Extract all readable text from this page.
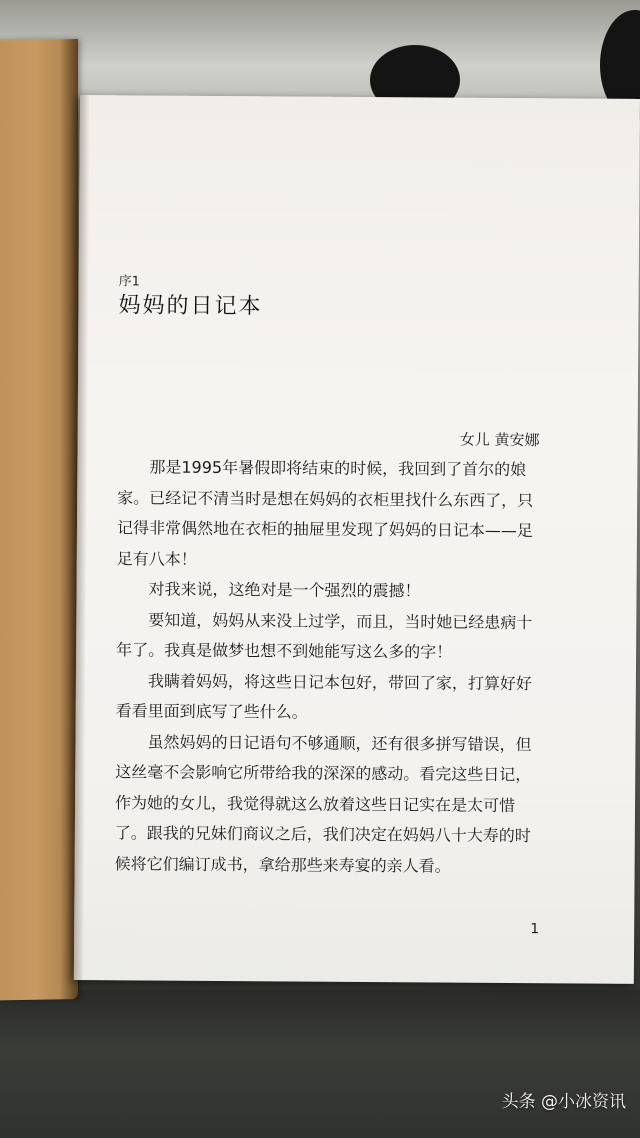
序1
妈妈的日记本
女儿 黄安娜

那是1995年暑假即将结束的时候，我回到了首尔的娘家。已经记不清当时是想在妈妈的衣柜里找什么东西了，只记得非常偶然地在衣柜的抽屉里发现了妈妈的日记本——足足有八本！

对我来说，这绝对是一个强烈的震撼！

要知道，妈妈从来没上过学，而且，当时她已经患病十年了。我真是做梦也想不到她能写这么多的字！

我瞒着妈妈，将这些日记本包好，带回了家，打算好好看看里面到底写了些什么。

虽然妈妈的日记语句不够通顺，还有很多拼写错误，但这丝毫不会影响它所带给我的深深的感动。看完这些日记，作为她的女儿，我觉得就这么放着这些日记实在是太可惜了。跟我的兄妹们商议之后，我们决定在妈妈八十大寿的时候将它们编订成书，拿给那些来寿宴的亲人看。

1
头条 @小冰资讯
